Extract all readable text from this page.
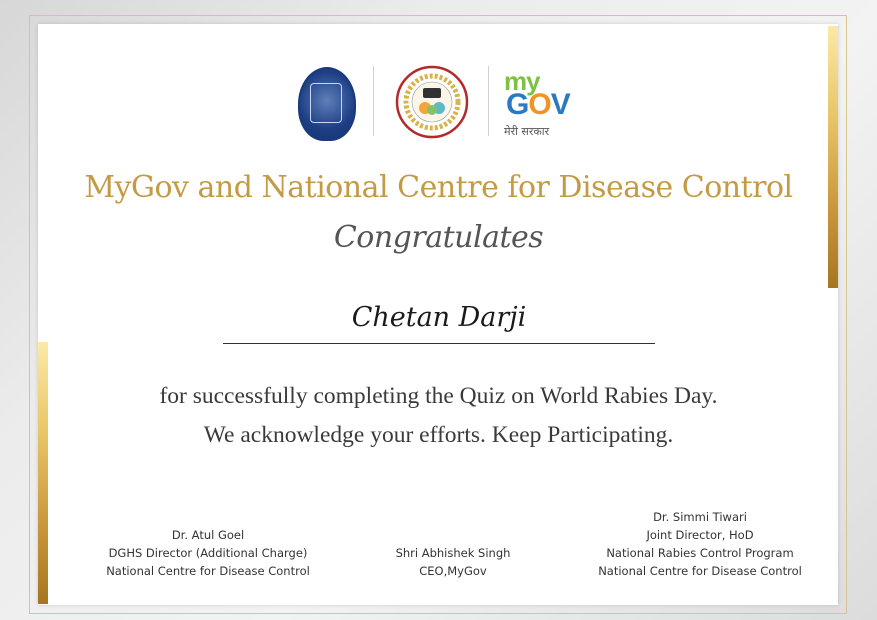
my
GOV
मेरी सरकार
MyGov and National Centre for Disease Control
Congratulates
Chetan Darji
for successfully completing the Quiz on World Rabies Day.
We acknowledge your efforts. Keep Participating.
Dr. Atul Goel
DGHS Director (Additional Charge)
National Centre for Disease Control
Shri Abhishek Singh
CEO,MyGov
Dr. Simmi Tiwari
Joint Director, HoD
National Rabies Control Program
National Centre for Disease Control
